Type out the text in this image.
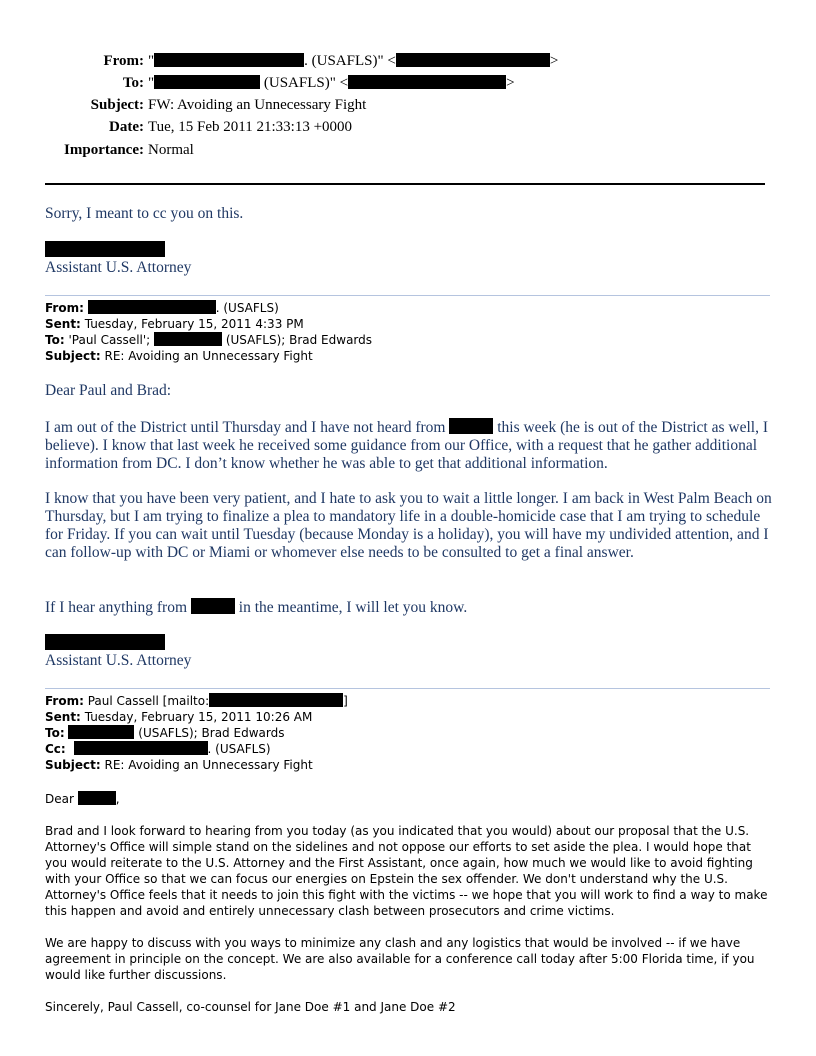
From: "	. (USAFLS)" <	>
To: "	(USAFLS)" <	>
Subject: FW: Avoiding an Unnecessary Fight
Date: Tue, 15 Feb 2011 21:33:13 +0000
Importance: Normal
Sorry, I meant to cc you on this.
Assistant U.S. Attorney
From:	. (USAFLS)
Sent: Tuesday, February 15, 2011 4:33 PM
To: 'Paul Cassell';	(USAFLS); Brad Edwards
Subject: RE: Avoiding an Unnecessary Fight
Dear Paul and Brad:
I am out of the District until Thursday and I have not heard from	this week (he is out of the District as well, I believe). I know that last week he received some guidance from our Office, with a request that he gather additional information from DC. I don’t know whether he was able to get that additional information.
I know that you have been very patient, and I hate to ask you to wait a little longer. I am back in West Palm Beach on Thursday, but I am trying to finalize a plea to mandatory life in a double-homicide case that I am trying to schedule for Friday. If you can wait until Tuesday (because Monday is a holiday), you will have my undivided attention, and I can follow-up with DC or Miami or whomever else needs to be consulted to get a final answer.
If I hear anything from	in the meantime, I will let you know.
Assistant U.S. Attorney
From: Paul Cassell [mailto:	]
Sent: Tuesday, February 15, 2011 10:26 AM
To:	(USAFLS); Brad Edwards
Cc:	. (USAFLS)
Subject: RE: Avoiding an Unnecessary Fight
Dear	,
Brad and I look forward to hearing from you today (as you indicated that you would) about our proposal that the U.S. Attorney's Office will simple stand on the sidelines and not oppose our efforts to set aside the plea. I would hope that you would reiterate to the U.S. Attorney and the First Assistant, once again, how much we would like to avoid fighting with your Office so that we can focus our energies on Epstein the sex offender. We don't understand why the U.S. Attorney's Office feels that it needs to join this fight with the victims -- we hope that you will work to find a way to make this happen and avoid and entirely unnecessary clash between prosecutors and crime victims.
We are happy to discuss with you ways to minimize any clash and any logistics that would be involved -- if we have agreement in principle on the concept. We are also available for a conference call today after 5:00 Florida time, if you would like further discussions.
Sincerely, Paul Cassell, co-counsel for Jane Doe #1 and Jane Doe #2
